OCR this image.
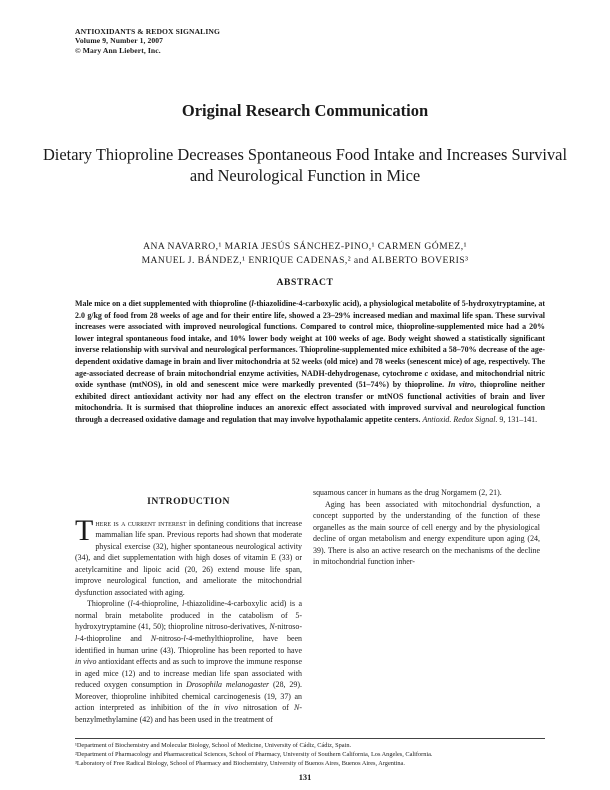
ANTIOXIDANTS & REDOX SIGNALING
Volume 9, Number 1, 2007
© Mary Ann Liebert, Inc.
Original Research Communication
Dietary Thioproline Decreases Spontaneous Food Intake and Increases Survival and Neurological Function in Mice
ANA NAVARRO,¹ MARIA JESÚS SÁNCHEZ-PINO,¹ CARMEN GÓMEZ,¹
MANUEL J. BÁNDEZ,¹ ENRIQUE CADENAS,² and ALBERTO BOVERIS³
ABSTRACT
Male mice on a diet supplemented with thioproline (l-thiazolidine-4-carboxylic acid), a physiological metabolite of 5-hydroxytryptamine, at 2.0 g/kg of food from 28 weeks of age and for their entire life, showed a 23–29% increased median and maximal life span. These survival increases were associated with improved neurological functions. Compared to control mice, thioproline-supplemented mice had a 20% lower integral spontaneous food intake, and 10% lower body weight at 100 weeks of age. Body weight showed a statistically significant inverse relationship with survival and neurological performances. Thioproline-supplemented mice exhibited a 58–70% decrease of the age-dependent oxidative damage in brain and liver mitochondria at 52 weeks (old mice) and 78 weeks (senescent mice) of age, respectively. The age-associated decrease of brain mitochondrial enzyme activities, NADH-dehydrogenase, cytochrome c oxidase, and mitochondrial nitric oxide synthase (mtNOS), in old and senescent mice were markedly prevented (51–74%) by thioproline. In vitro, thioproline neither exhibited direct antioxidant activity nor had any effect on the electron transfer or mtNOS functional activities of brain and liver mitochondria. It is surmised that thioproline induces an anorexic effect associated with improved survival and neurological function through a decreased oxidative damage and regulation that may involve hypothalamic appetite centers. Antioxid. Redox Signal. 9, 131–141.
INTRODUCTION

There is a current interest in defining conditions that increase mammalian life span. Previous reports had shown that moderate physical exercise (32), higher spontaneous neurological activity (34), and diet supplementation with high doses of vitamin E (33) or acetylcarnitine and lipoic acid (20, 26) extend mouse life span, improve neurological function, and ameliorate the mitochondrial dysfunction associated with aging.

Thioproline (l-4-thioproline, l-thiazolidine-4-carboxylic acid) is a normal brain metabolite produced in the catabolism of 5-hydroxytryptamine (41, 50); thioproline nitroso-derivatives, N-nitroso-l-4-thioproline and N-nitroso-l-4-methylthioproline, have been identified in human urine (43). Thioproline has been reported to have in vivo antioxidant effects and as such to improve the immune response in aged mice (12) and to increase median life span associated with reduced oxygen consumption in Drosophila melanogaster (28, 29). Moreover, thioproline inhibited chemical carcinogenesis (19, 37) an action interpreted as inhibition of the in vivo nitrosation of N-benzylmethylamine (42) and has been used in the treatment of

squamous cancer in humans as the drug Norgamem (2, 21).

Aging has been associated with mitochondrial dysfunction, a concept supported by the understanding of the function of these organelles as the main source of cell energy and by the physiological decline of organ metabolism and energy expenditure upon aging (24, 39). There is also an active research on the mechanisms of the decline in mitochondrial function inher-

¹Department of Biochemistry and Molecular Biology, School of Medicine, University of Cádiz, Cádiz, Spain.
²Department of Pharmacology and Pharmaceutical Sciences, School of Pharmacy, University of Southern California, Los Angeles, California.
³Laboratory of Free Radical Biology, School of Pharmacy and Biochemistry, University of Buenos Aires, Buenos Aires, Argentina.
131
